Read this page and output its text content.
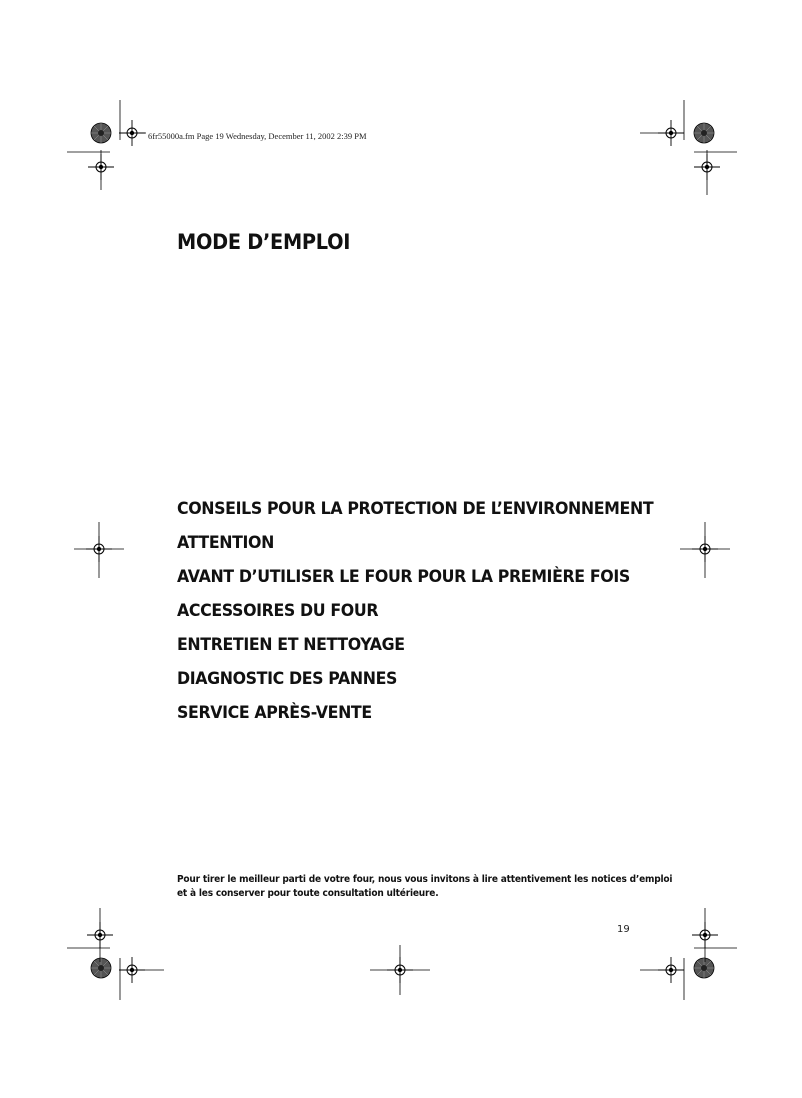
6fr55000a.fm Page 19 Wednesday, December 11, 2002 2:39 PM
MODE D’EMPLOI
CONSEILS POUR LA PROTECTION DE L’ENVIRONNEMENT
ATTENTION
AVANT D’UTILISER LE FOUR POUR LA PREMIÈRE FOIS
ACCESSOIRES DU FOUR
ENTRETIEN ET NETTOYAGE
DIAGNOSTIC DES PANNES
SERVICE APRÈS-VENTE

Pour tirer le meilleur parti de votre four, nous vous invitons à lire attentivement les notices d’emploi
et à les conserver pour toute consultation ultérieure.

19
